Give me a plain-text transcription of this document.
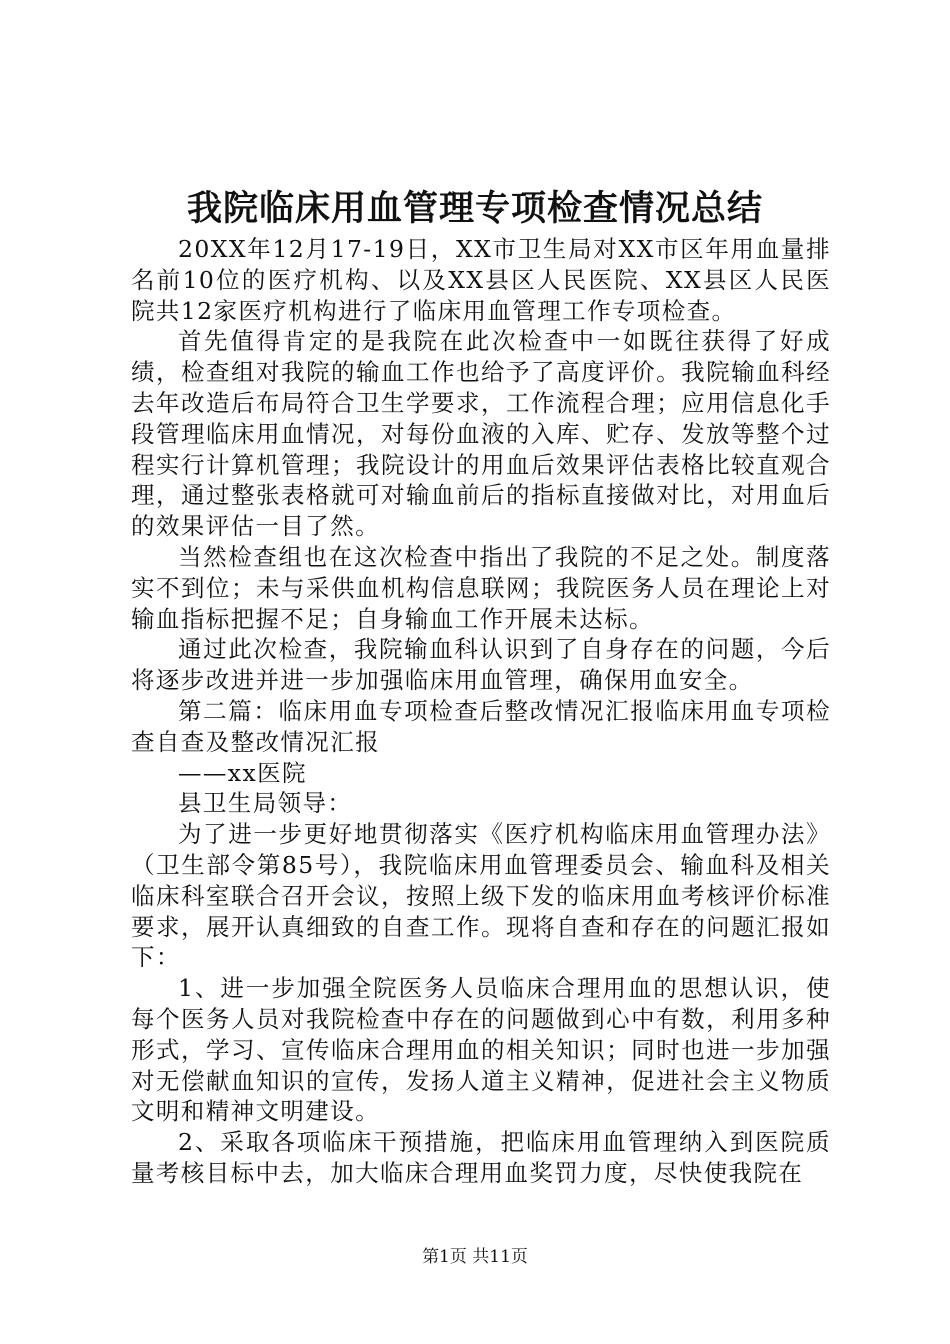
我院临床用血管理专项检查情况总结

20XX年12月17-19日，XX市卫生局对XX市区年用血量排名前10位的医疗机构、以及XX县区人民医院、XX县区人民医院共12家医疗机构进行了临床用血管理工作专项检查。

首先值得肯定的是我院在此次检查中一如既往获得了好成绩，检查组对我院的输血工作也给予了高度评价。我院输血科经去年改造后布局符合卫生学要求，工作流程合理；应用信息化手段管理临床用血情况，对每份血液的入库、贮存、发放等整个过程实行计算机管理；我院设计的用血后效果评估表格比较直观合理，通过整张表格就可对输血前后的指标直接做对比，对用血后的效果评估一目了然。

当然检查组也在这次检查中指出了我院的不足之处。制度落实不到位；未与采供血机构信息联网；我院医务人员在理论上对输血指标把握不足；自身输血工作开展未达标。

通过此次检查，我院输血科认识到了自身存在的问题，今后将逐步改进并进一步加强临床用血管理，确保用血安全。

第二篇：临床用血专项检查后整改情况汇报临床用血专项检查自查及整改情况汇报

——xx医院

县卫生局领导：

为了进一步更好地贯彻落实《医疗机构临床用血管理办法》（卫生部令第85号），我院临床用血管理委员会、输血科及相关临床科室联合召开会议，按照上级下发的临床用血考核评价标准要求，展开认真细致的自查工作。现将自查和存在的问题汇报如下：

1、进一步加强全院医务人员临床合理用血的思想认识，使每个医务人员对我院检查中存在的问题做到心中有数，利用多种形式，学习、宣传临床合理用血的相关知识；同时也进一步加强对无偿献血知识的宣传，发扬人道主义精神，促进社会主义物质文明和精神文明建设。

2、采取各项临床干预措施，把临床用血管理纳入到医院质量考核目标中去，加大临床合理用血奖罚力度，尽快使我院在

第1页 共11页
